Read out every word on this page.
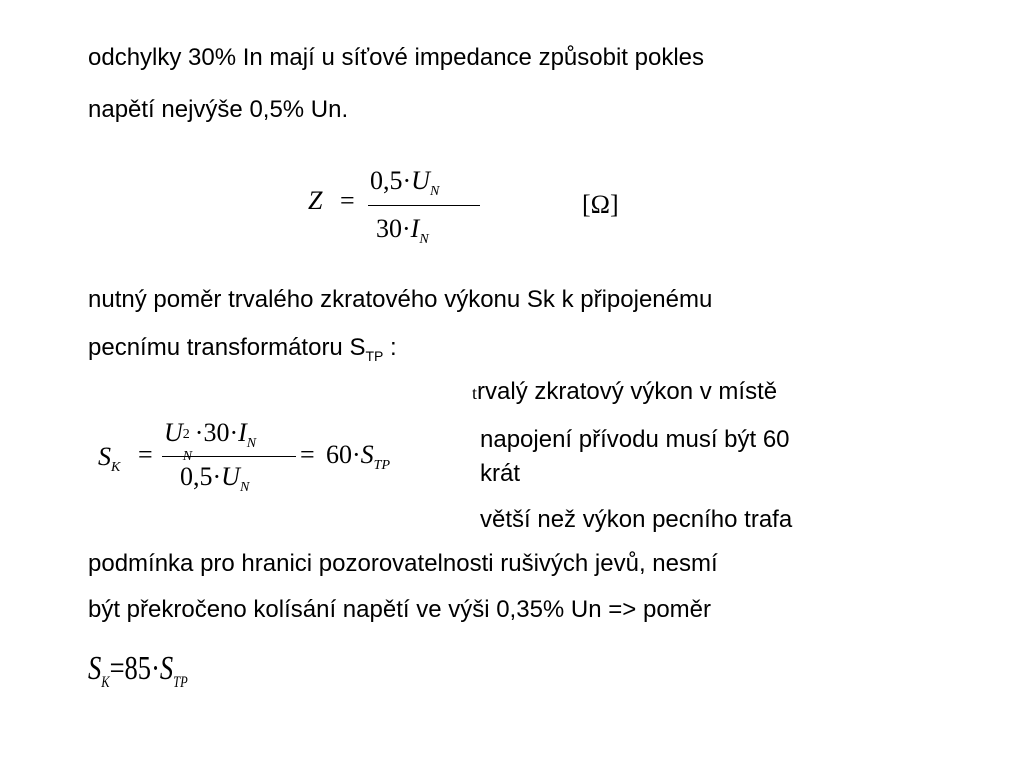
odchylky 30% In mají u síťové impedance způsobit pokles
napětí nejvýše 0,5% Un.
Z =
$0,5\cdot U_N$
$30\cdot I_N$
[Ω]
nutný poměr trvalého zkratového výkonu Sk k připojenému
pecnímu transformátoru $S_{TP}$ :
trvalý zkratový výkon v místě
napojení přívodu musí být 60
krát
větší než výkon pecního trafa
$S_K$ =
U $2 \cdot 30\cdot I_N$
$0,5\cdot U_N$
= $60\cdot S_{TP}$
podmínka pro hranici pozorovatelnosti rušivých jevů, nesmí
být překročeno kolísání napětí ve výši 0,35% Un => poměr
$S_K=85\cdot S_{TP}$
